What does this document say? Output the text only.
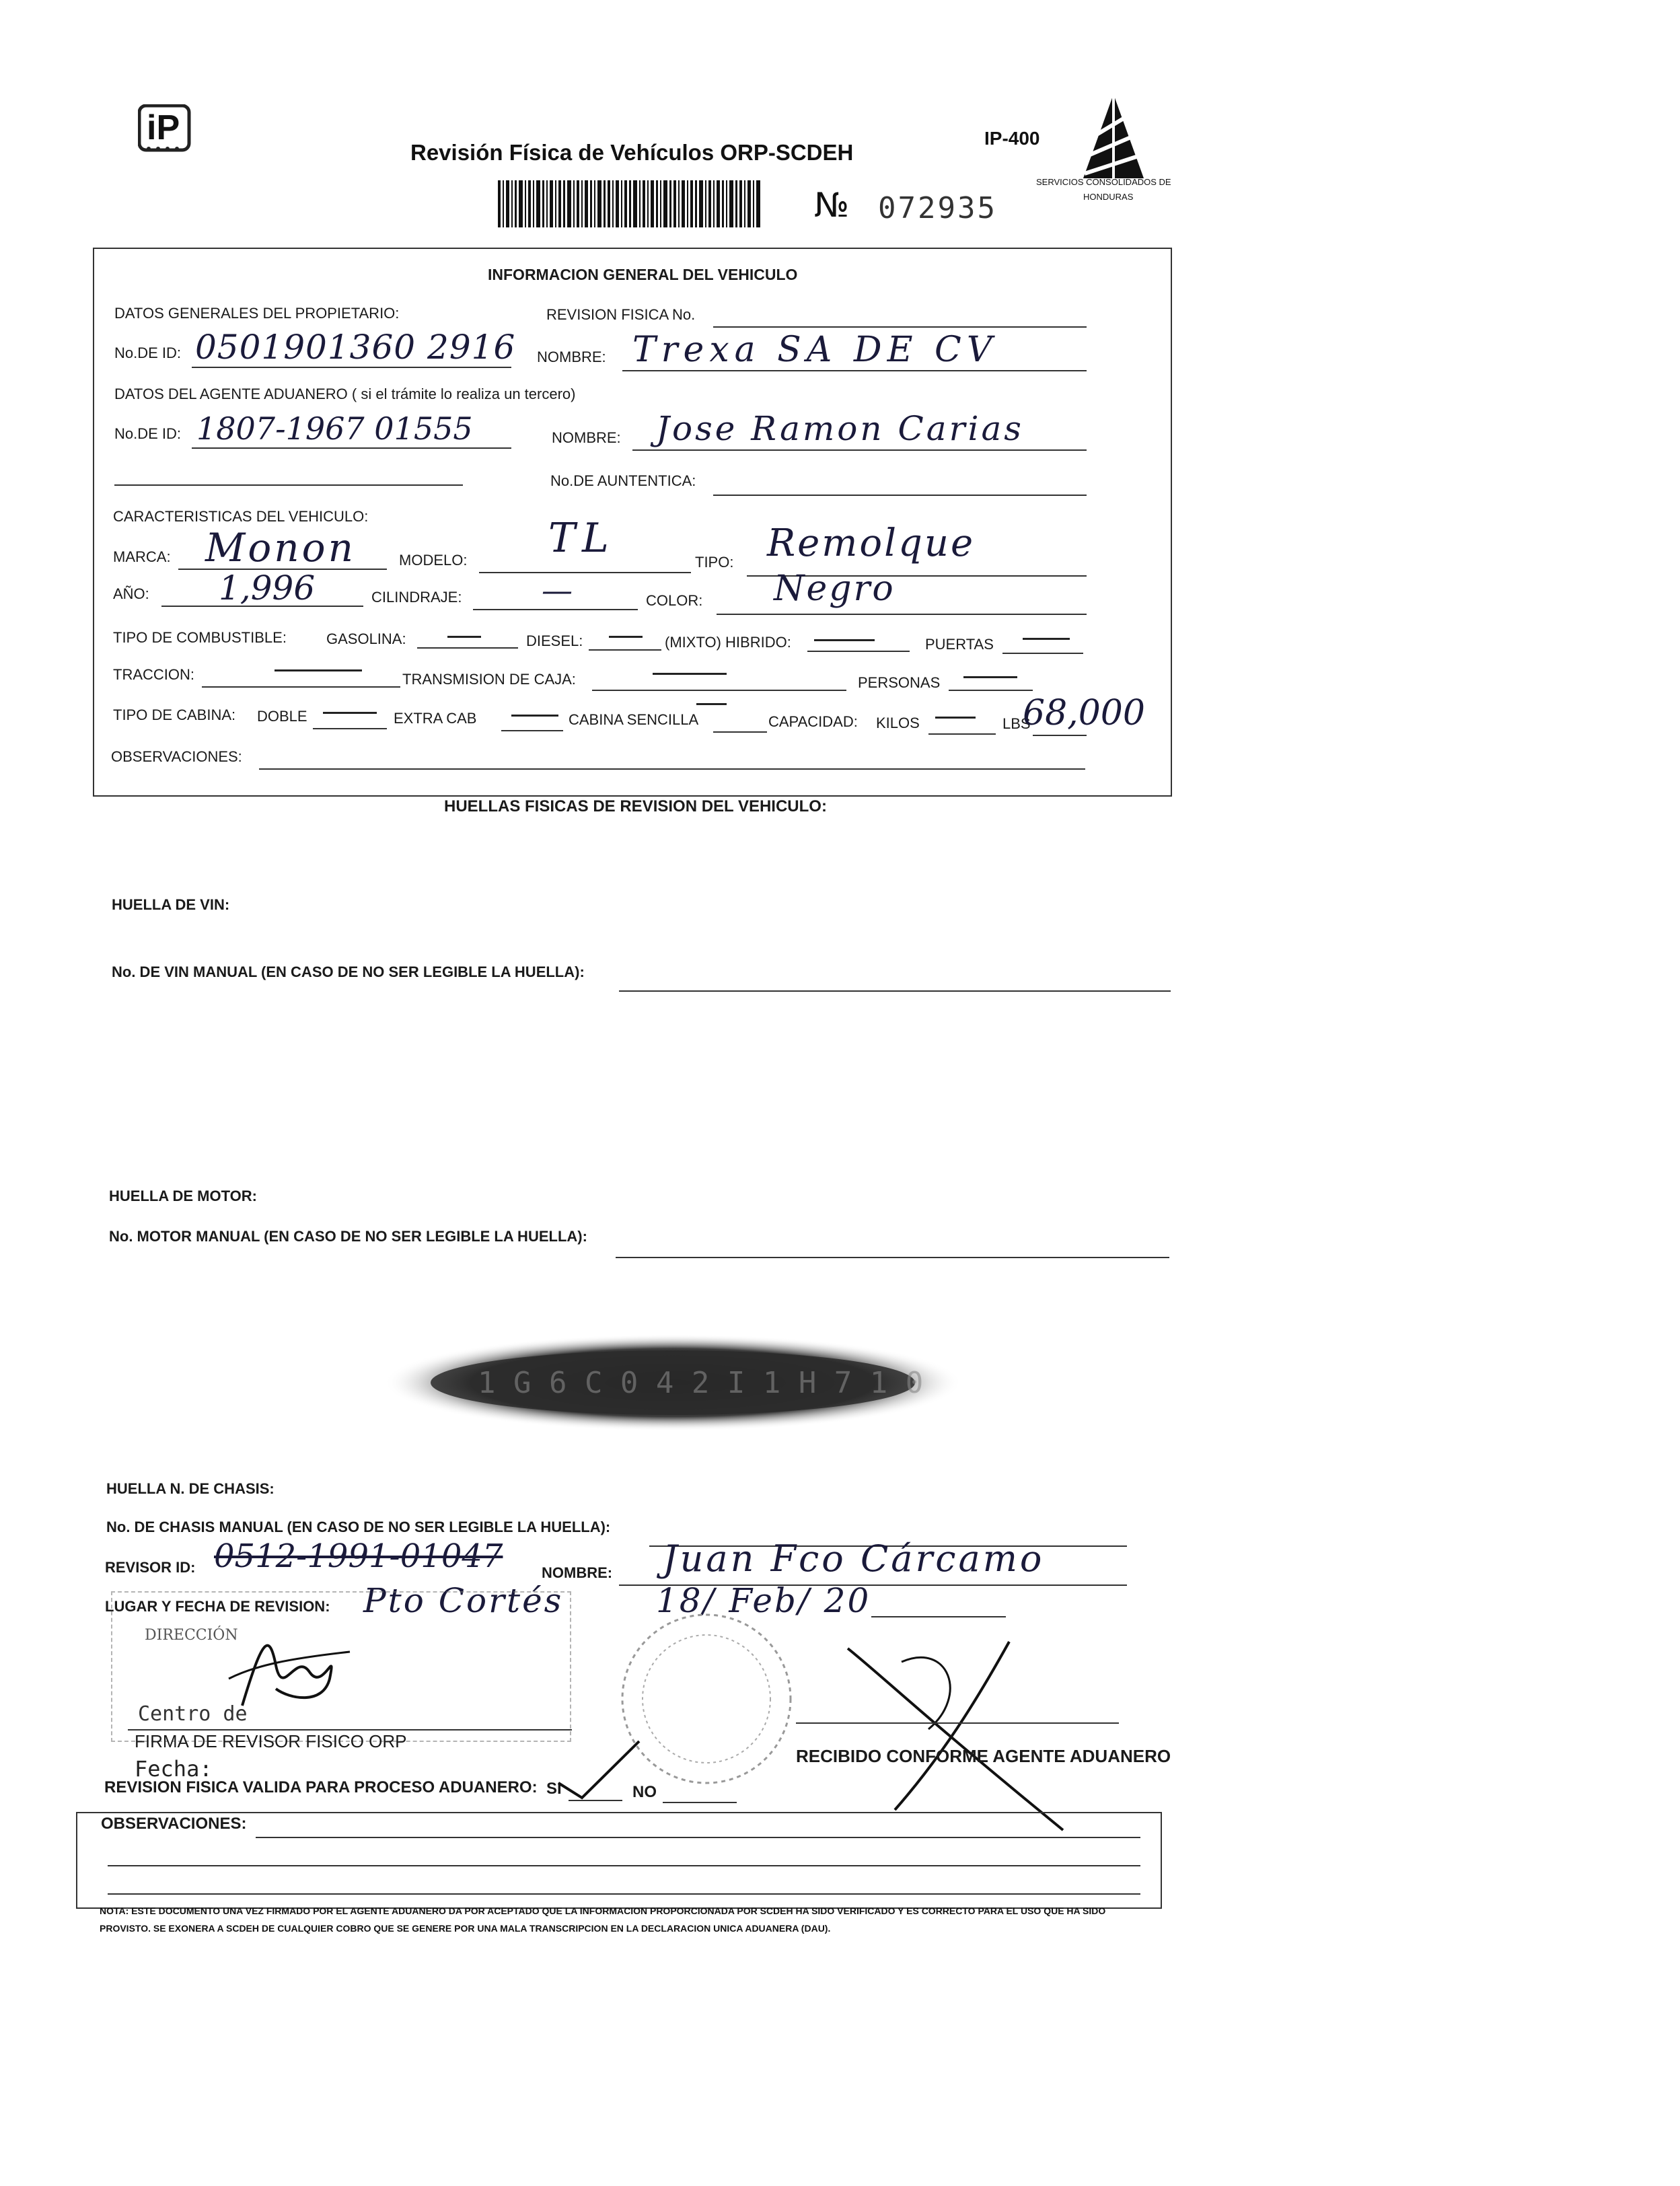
iP
Revisión Física de Vehículos ORP-SCDEH
IP-400
№ 072935
SERVICIOS CONSOLIDADOS DE
HONDURAS
INFORMACION GENERAL DEL VEHICULO
DATOS GENERALES DEL PROPIETARIO:	REVISION FISICA No.
No.DE ID: 0501901360 2916 NOMBRE: Trexa SA DE CV
DATOS DEL AGENTE ADUANERO ( si el trámite lo realiza un tercero)
No.DE ID: 1807-1967 01555	NOMBRE: Jose Ramon Carias
No.DE AUNTENTICA:
CARACTERISTICAS DEL VEHICULO:
MARCA: Monon	MODELO: TL
TIPO: Remolque
AÑO: 1,996	CILINDRAJE:	—	COLOR: Negro
TIPO DE COMBUSTIBLE:	GASOLINA:	DIESEL:	(MIXTO) HIBRIDO:	PUERTAS
TRACCION:	TRANSMISION DE CAJA:	PERSONAS
TIPO DE CABINA: DOBLE	EXTRA CAB	CABINA SENCILLA	CAPACIDAD: KILOS	LBS
68,000
OBSERVACIONES:
HUELLAS FISICAS DE REVISION DEL VEHICULO:
HUELLA DE VIN:
No. DE VIN MANUAL (EN CASO DE NO SER LEGIBLE LA HUELLA):
HUELLA DE MOTOR:
No. MOTOR MANUAL (EN CASO DE NO SER LEGIBLE LA HUELLA):
1 G 6 C 0 4 2 I 1 H 7 1 0
HUELLA N. DE CHASIS:
No. DE CHASIS MANUAL (EN CASO DE NO SER LEGIBLE LA HUELLA):
REVISOR ID: 0512-1991-01047	NOMBRE: Juan Fco Cárcamo
LUGAR Y FECHA DE REVISION: Pto Cortés	18/ Feb/ 20
DIRECCIÓN
Centro de
FIRMA DE REVISOR FISICO ORP
RECIBIDO CONFORME AGENTE ADUANERO
Fecha:
REVISION FISICA VALIDA PARA PROCESO ADUANERO: SI	NO
OBSERVACIONES:
NOTA: ESTE DOCUMENTO UNA VEZ FIRMADO POR EL AGENTE ADUANERO DA POR ACEPTADO QUE LA INFORMACION PROPORCIONADA POR SCDEH HA SIDO VERIFICADO Y ES CORRECTO PARA EL USO QUE HA SIDO
PROVISTO. SE EXONERA A SCDEH DE CUALQUIER COBRO QUE SE GENERE POR UNA MALA TRANSCRIPCION EN LA DECLARACION UNICA ADUANERA (DAU).
